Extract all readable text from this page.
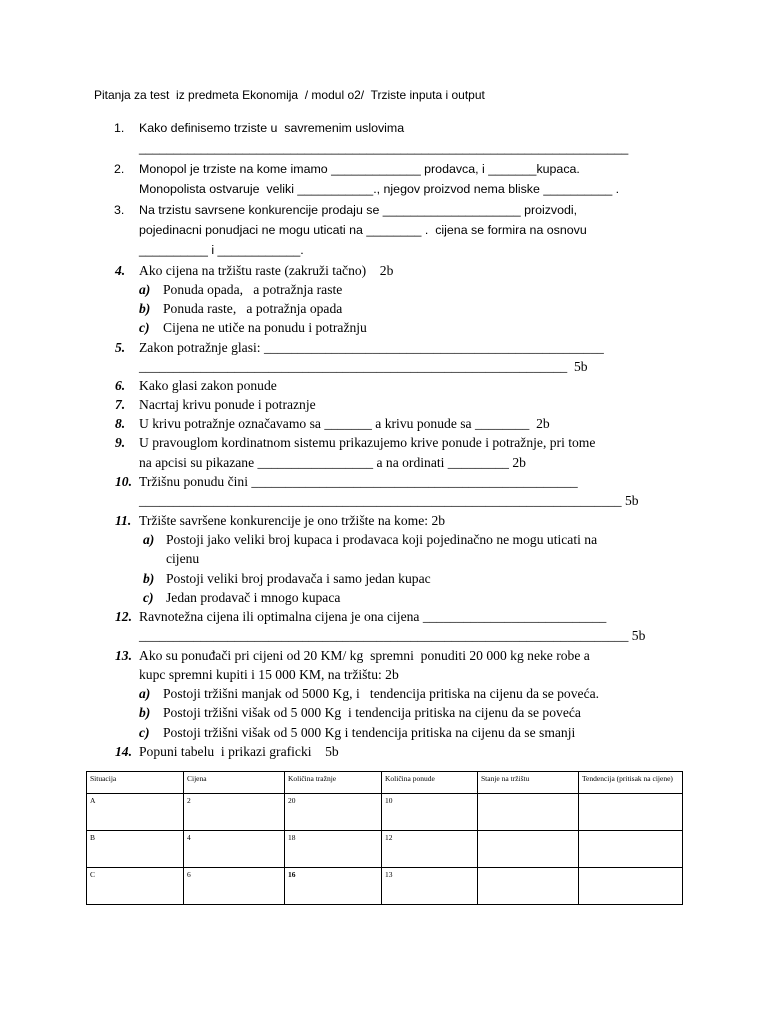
Pitanja za test  iz predmeta Ekonomija  / modul o2/  Trziste inputa i output
1. Kako definisemo trziste u  savremenim uslovima
_______________________________________________________________________
2. Monopol je trziste na kome imamo _____________ prodavca, i _______kupaca.
Monopolista ostvaruje  veliki ___________., njegov proizvod nema bliske __________ .
3. Na trzistu savrsene konkurencije prodaju se ____________________ proizvodi,
pojedinacni ponudjaci ne mogu uticati na ________ .  cijena se formira na osnovu
__________ i ____________.
4. Ako cijena na tržištu raste (zakruži tačno)    2b
a) Ponuda opada,   a potražnja raste
b) Ponuda raste,   a potražnja opada
c) Cijena ne utiče na ponudu i potražnju
5. Zakon potražnje glasi: __________________________________________________
_______________________________________________________________  5b
6. Kako glasi zakon ponude
7. Nacrtaj krivu ponude i potraznje
8. U krivu potražnje označavamo sa _______ a krivu ponude sa ________  2b
9. U pravouglom kordinatnom sistemu prikazujemo krive ponude i potražnje, pri tome
na apcisi su pikazane _________________ a na ordinati _________ 2b
10. Tržišnu ponudu čini ________________________________________________
_______________________________________________________________________ 5b
11. Tržište savršene konkurencije je ono tržište na kome: 2b
a) Postoji jako veliki broj kupaca i prodavaca koji pojedinačno ne mogu uticati na
cijenu
b) Postoji veliki broj prodavača i samo jedan kupac
c) Jedan prodavač i mnogo kupaca
12. Ravnotežna cijena ili optimalna cijena je ona cijena ___________________________
________________________________________________________________________ 5b
13. Ako su ponuđači pri cijeni od 20 KM/ kg  spremni  ponuditi 20 000 kg neke robe a
kupc spremni kupiti i 15 000 KM, na tržištu: 2b
a) Postoji tržišni manjak od 5000 Kg, i   tendencija pritiska na cijenu da se poveća.
b) Postoji tržišni višak od 5 000 Kg  i tendencija pritiska na cijenu da se poveća
c) Postoji tržišni višak od 5 000 Kg i tendencija pritiska na cijenu da se smanji
14. Popuni tabelu  i prikazi graficki    5b
Situacija	Cijena	Količina tražnje	Količina ponude	Stanje na tržištu	Tendencija (pritisak na cijene)
A	2	20	10		
B	4	18	12		
C	6	16	13		
